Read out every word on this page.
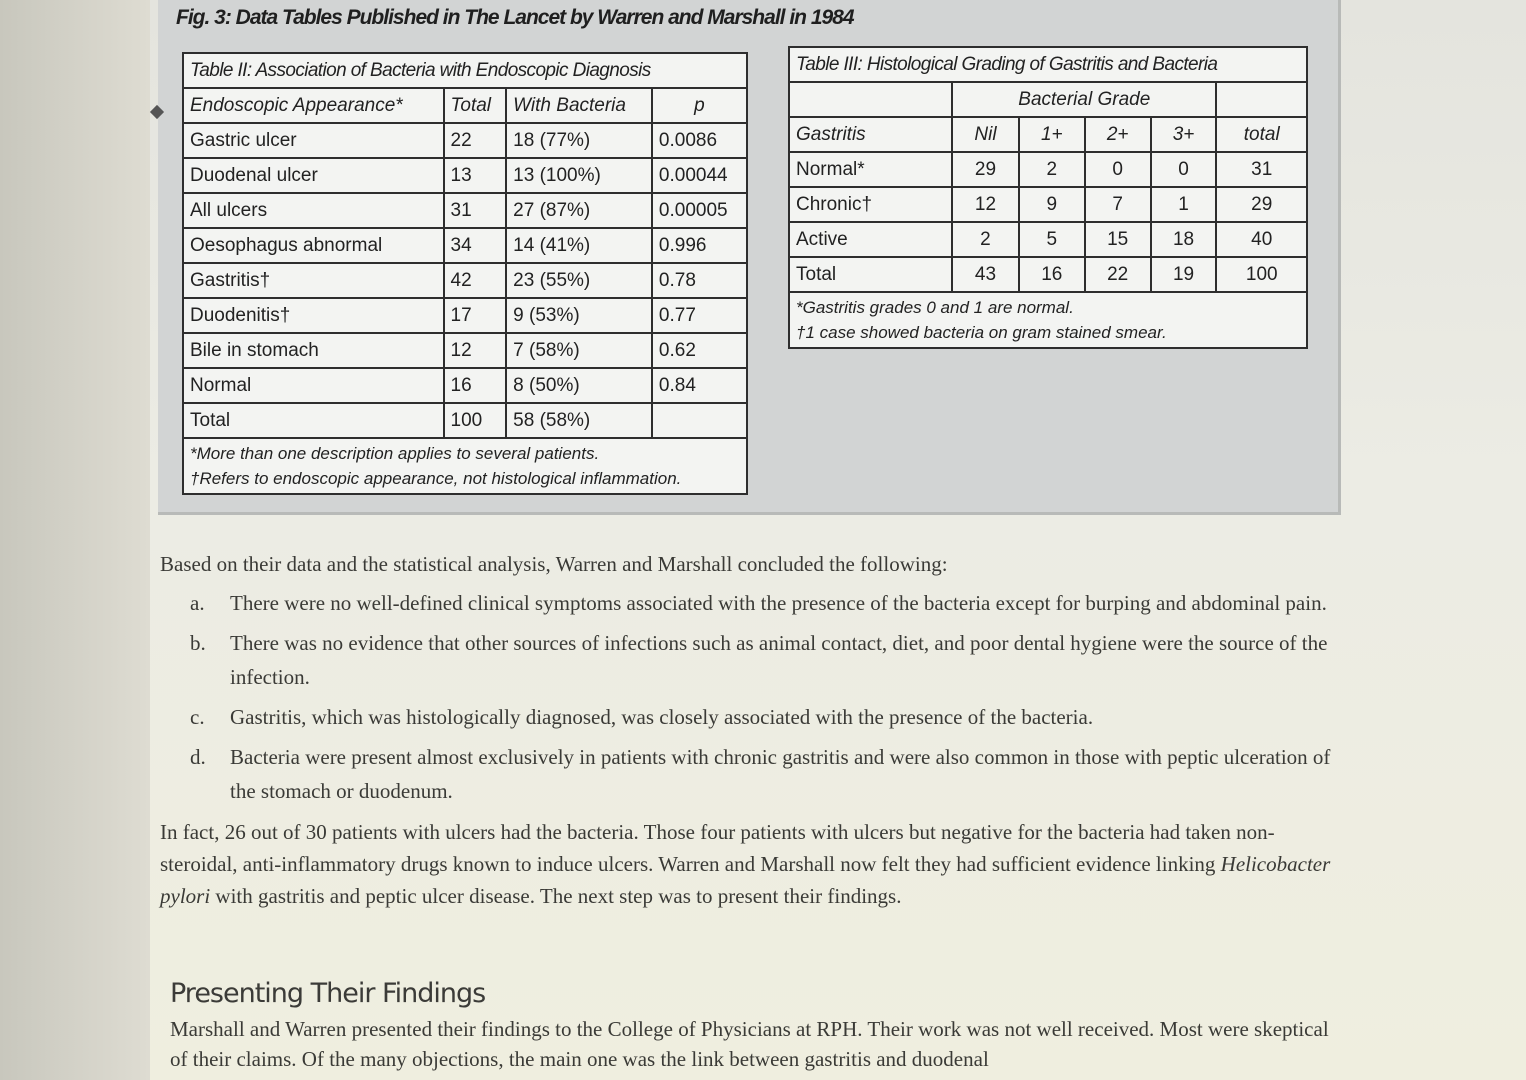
Fig. 3: Data Tables Published in The Lancet by Warren and Marshall in 1984
Table II: Association of Bacteria with Endoscopic Diagnosis			
Endoscopic Appearance*	Total	With Bacteria	p
Gastric ulcer	22	18 (77%)	0.0086
Duodenal ulcer	13	13 (100%)	0.00044
All ulcers	31	27 (87%)	0.00005
Oesophagus abnormal	34	14 (41%)	0.996
Gastritis†	42	23 (55%)	0.78
Duodenitis†	17	9 (53%)	0.77
Bile in stomach	12	7 (58%)	0.62
Normal	16	8 (50%)	0.84
Total	100	58 (58%)	

*More than one description applies to several patients.
†Refers to endoscopic appearance, not histological inflammation.			
Table III: Histological Grading of Gastritis and Bacteria					
	Bacterial Grade				
Gastritis	Nil	1+	2+	3+	total
Normal*	29	2	0	0	31
Chronic†	12	9	7	1	29
Active	2	5	15	18	40
Total	43	16	22	19	100

*Gastritis grades 0 and 1 are normal.
†1 case showed bacteria on gram stained smear.					

Based on their data and the statistical analysis, Warren and Marshall concluded the following:

a. There were no well-defined clinical symptoms associated with the presence of the bacteria except for burping and abdominal pain.
b. There was no evidence that other sources of infections such as animal contact, diet, and poor dental hygiene were the source of the infection.
c. Gastritis, which was histologically diagnosed, was closely associated with the presence of the bacteria.
d. Bacteria were present almost exclusively in patients with chronic gastritis and were also common in those with peptic ulceration of the stomach or duodenum.

In fact, 26 out of 30 patients with ulcers had the bacteria. Those four patients with ulcers but negative for the bacteria had taken non-steroidal, anti-inflammatory drugs known to induce ulcers. Warren and Marshall now felt they had sufficient evidence linking Helicobacter pylori with gastritis and peptic ulcer disease. The next step was to present their findings.

Presenting Their Findings
Marshall and Warren presented their findings to the College of Physicians at RPH. Their work was not well received. Most were skeptical of their claims. Of the many objections, the main one was the link between gastritis and duodenal
